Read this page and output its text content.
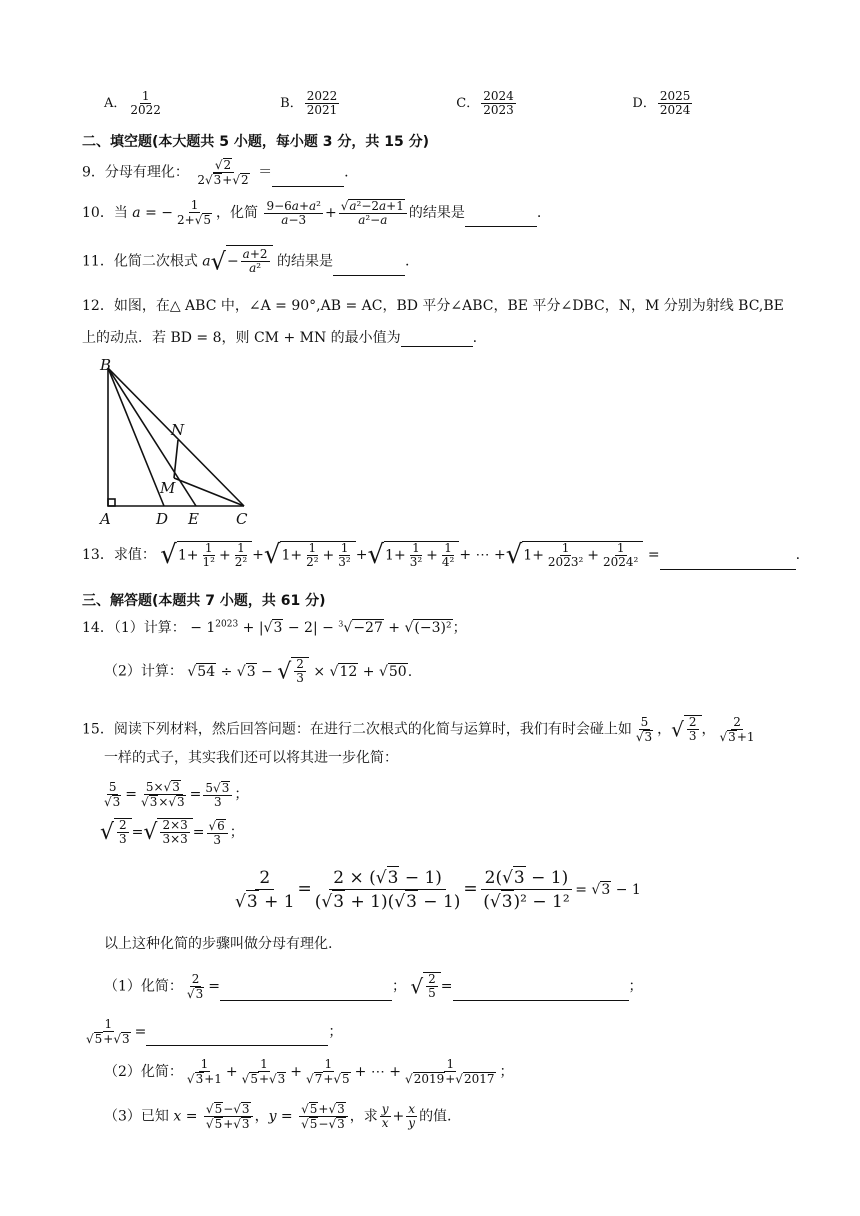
A． $\frac{1}{2022}$	B． $\frac{2022}{2021}$	C． $\frac{2024}{2023}$	D． $\frac{2025}{2024}$
二、填空题(本大题共 5 小题，每小题 3 分，共 15 分)
9．分母有理化： $\frac{√2}{2√3+√2}$ ＝	.
10．当 a = − $\frac{1}{2+√5}$ ，化简 $\frac{\text{9−6a+a²}}{a-3} + \frac{\text{√a²−2a+1}}{\text{a²−a}}$ 的结果是	.
11．化简二次根式 $a√- \frac{a+2}{\text{a²}}$ 的结果是	.
12．如图，在△ ABC 中，∠A = 90°,AB = AC，BD 平分∠ABC，BE 平分∠DBC，N，M 分别为射线 BC,BE
上的动点．若 BD = 8，则 CM + MN 的最小值为	.
B
N
M
A	D E C
13．求值： $√1+ \frac{1}{\text{1²}} + \frac{1}{\text{2²}} +√1+ \frac{1}{\text{2²}} + \frac{1}{\text{3²}} +√1+ \frac{1}{\text{3²}} + \frac{1}{\text{4²}}$ + ⋯ $+√1+ \frac{1}{\text{2023²}} + \frac{1}{\text{2024²}}$ =	.
三、解答题(本题共 7 小题，共 61 分)
14．（1）计算： − $1^{2023} + |√3 - 2| - ^3√-27 + √(-3)^2$；
（2）计算： √54 ÷ √3 − √ $\frac{2}{3} \times √12 + √50$.
15．阅读下列材料，然后回答问题：在进行二次根式的化简与运算时，我们有时会碰上如 $\frac{5}{√3}$ ，√ $\frac{2}{3}$ ， $\frac{2}{√3+1}$
一样的式子，其实我们还可以将其进一步化简：
$\frac{5}{√3} = \frac{5\times√3}{√3\times√3} = \frac{5√3}{3}$ ；
√ $\frac{2}{3}$ =√ $\frac{2\times 3}{3\times 3} = \frac{√6}{3}$ ；
$\frac{2}{√3 + 1} = \frac{2 \times (√3 - 1)}{(√3 + 1)(√3 - 1)} = \frac{2(√3 - 1)}{\text{(√3)² − 1²}} = √3 - 1$
以上这种化简的步骤叫做分母有理化.
（1）化简： $\frac{2}{√3}$ =	； √ $\frac{2}{5}$ =	；
$\frac{1}{√5+√3}$ =	；
（2）化简： $\frac{1}{√3+1} + \frac{1}{√5+√3} + \frac{1}{√7+√5}$ + ⋯ + $\frac{1}{√2019+√2017}$ ；
（3）已知 $x = \frac{√5-√3}{√5+√3}$ ，$y = \frac{√5+√3}{√5-√3}$ ，求 $\frac{y}{x} + \frac{x}{y}$ 的值.
